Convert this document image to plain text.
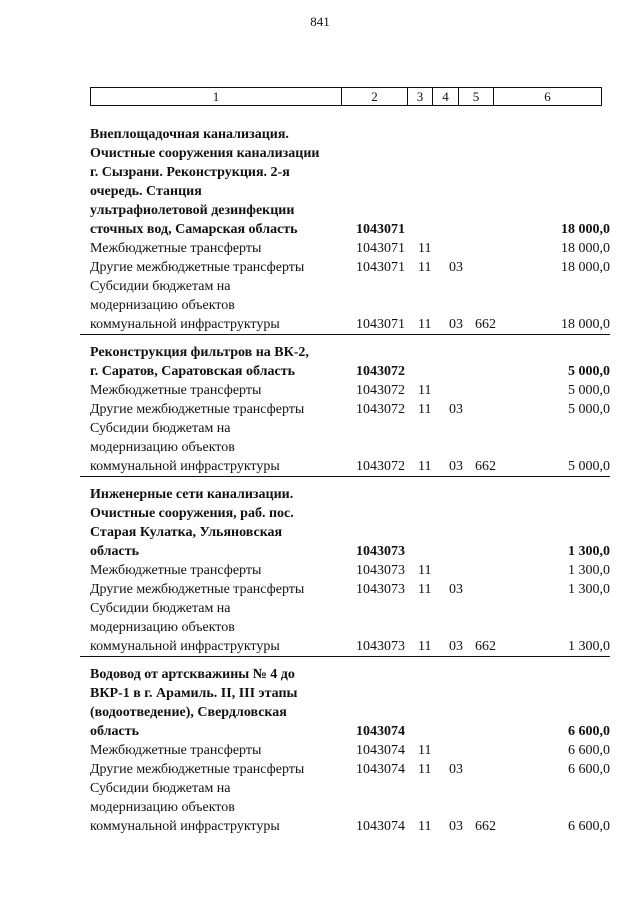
841
1	2	3	4	5	6
Внеплощадочная канализация.
Очистные сооружения канализации
г. Сызрани. Реконструкция. 2-я
очередь. Станция
ультрафиолетовой дезинфекции
сточных вод, Самарская область	1043071	18 000,0
Межбюджетные трансферты	1043071 11	18 000,0
Другие межбюджетные трансферты	1043071 11 03	18 000,0
Субсидии бюджетам на
модернизацию объектов
коммунальной инфраструктуры	1043071 11 03 662	18 000,0
Реконструкция фильтров на ВК-2,
г. Саратов, Саратовская область	1043072	5 000,0
Межбюджетные трансферты	1043072 11	5 000,0
Другие межбюджетные трансферты	1043072 11 03	5 000,0
Субсидии бюджетам на
модернизацию объектов
коммунальной инфраструктуры	1043072 11 03 662	5 000,0
Инженерные сети канализации.
Очистные сооружения, раб. пос.
Старая Кулатка, Ульяновская
область	1043073	1 300,0
Межбюджетные трансферты	1043073 11	1 300,0
Другие межбюджетные трансферты	1043073 11 03	1 300,0
Субсидии бюджетам на
модернизацию объектов
коммунальной инфраструктуры	1043073 11 03 662	1 300,0
Водовод от артскважины № 4 до
ВКР-1 в г. Арамиль. II, III этапы
(водоотведение), Свердловская
область	1043074	6 600,0
Межбюджетные трансферты	1043074 11	6 600,0
Другие межбюджетные трансферты	1043074 11 03	6 600,0
Субсидии бюджетам на
модернизацию объектов
коммунальной инфраструктуры	1043074 11 03 662	6 600,0
